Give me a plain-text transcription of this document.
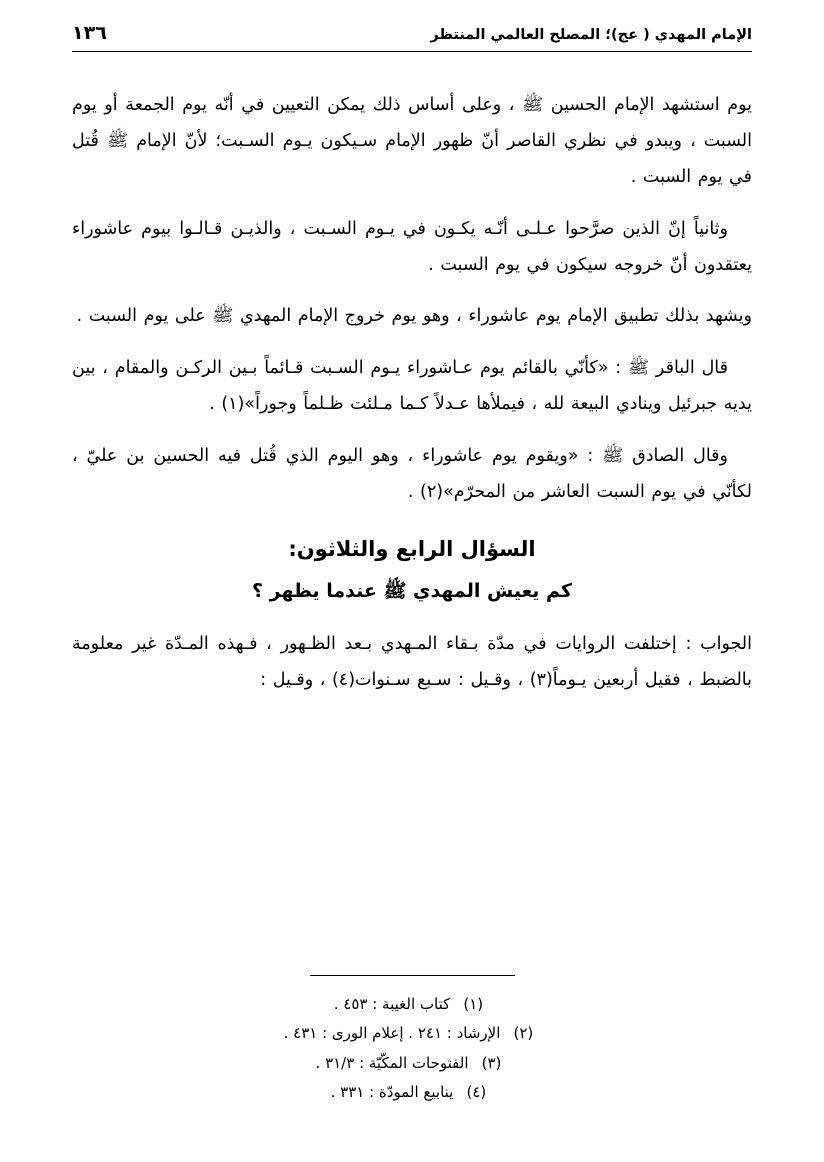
الإمام المهدي ( عج)؛ المصلح العالمي المنتظر
١٣٦

يوم استشهد الإمام الحسين ﷺ ، وعلى أساس ذلك يمكن التعيين في أنّه يوم الجمعة أو يوم السبت ، ويبدو في نظري القاصر أنّ ظهور الإمام سـيكون يـوم السـبت؛ لأنّ الإمام ﷺ قُتل في يوم السبت .

وثانياً إنّ الذين صرَّحوا عـلـى أنّـه يكـون في يـوم السـبت ، والذيـن قـالـوا بيوم عاشوراء يعتقدون أنّ خروجه سيكون في يوم السبت .

ويشهد بذلك تطبيق الإمام يوم عاشوراء ، وهو يوم خروج الإمام المهدي ﷺ على يوم السبت .

قال الباقر ﷺ : «كأنّي بالقائم يوم عـاشوراء يـوم السـبت قـائماً بـين الركـن والمقام ، بين يديه جبرئيل وينادي البيعة لله ، فيملأها عـدلاً كـما مـلئت ظـلماً وجوراً»(١) .

وقال الصادق ﷺ : «ويقوم يوم عاشوراء ، وهو اليوم الذي قُتل فيه الحسين بن عليّ ، لكأنّي في يوم السبت العاشر من المحرّم»(٢) .

السؤال الرابع والثلاثون:
كم يعيش المهدي ﷺ عندما يظهر ؟

الجواب : إختلفت الروايات في مدّة بـقاء المـهدي بـعد الظـهور ، فـهذه المـدّة غير معلومة بالضبط ، فقيل أربعين يـوماً(٣) ، وقـيل : سـبع سـنوات(٤) ، وقـيل :

(١)كتاب الغيبة : ٤٥٣ .
(٢)الإرشاد : ٢٤١ . إعلام الورى : ٤٣١ .
(٣)الفتوحات المكّيّة : ٣١/٣ .
(٤)ينابيع المودّة : ٣٣١ .
